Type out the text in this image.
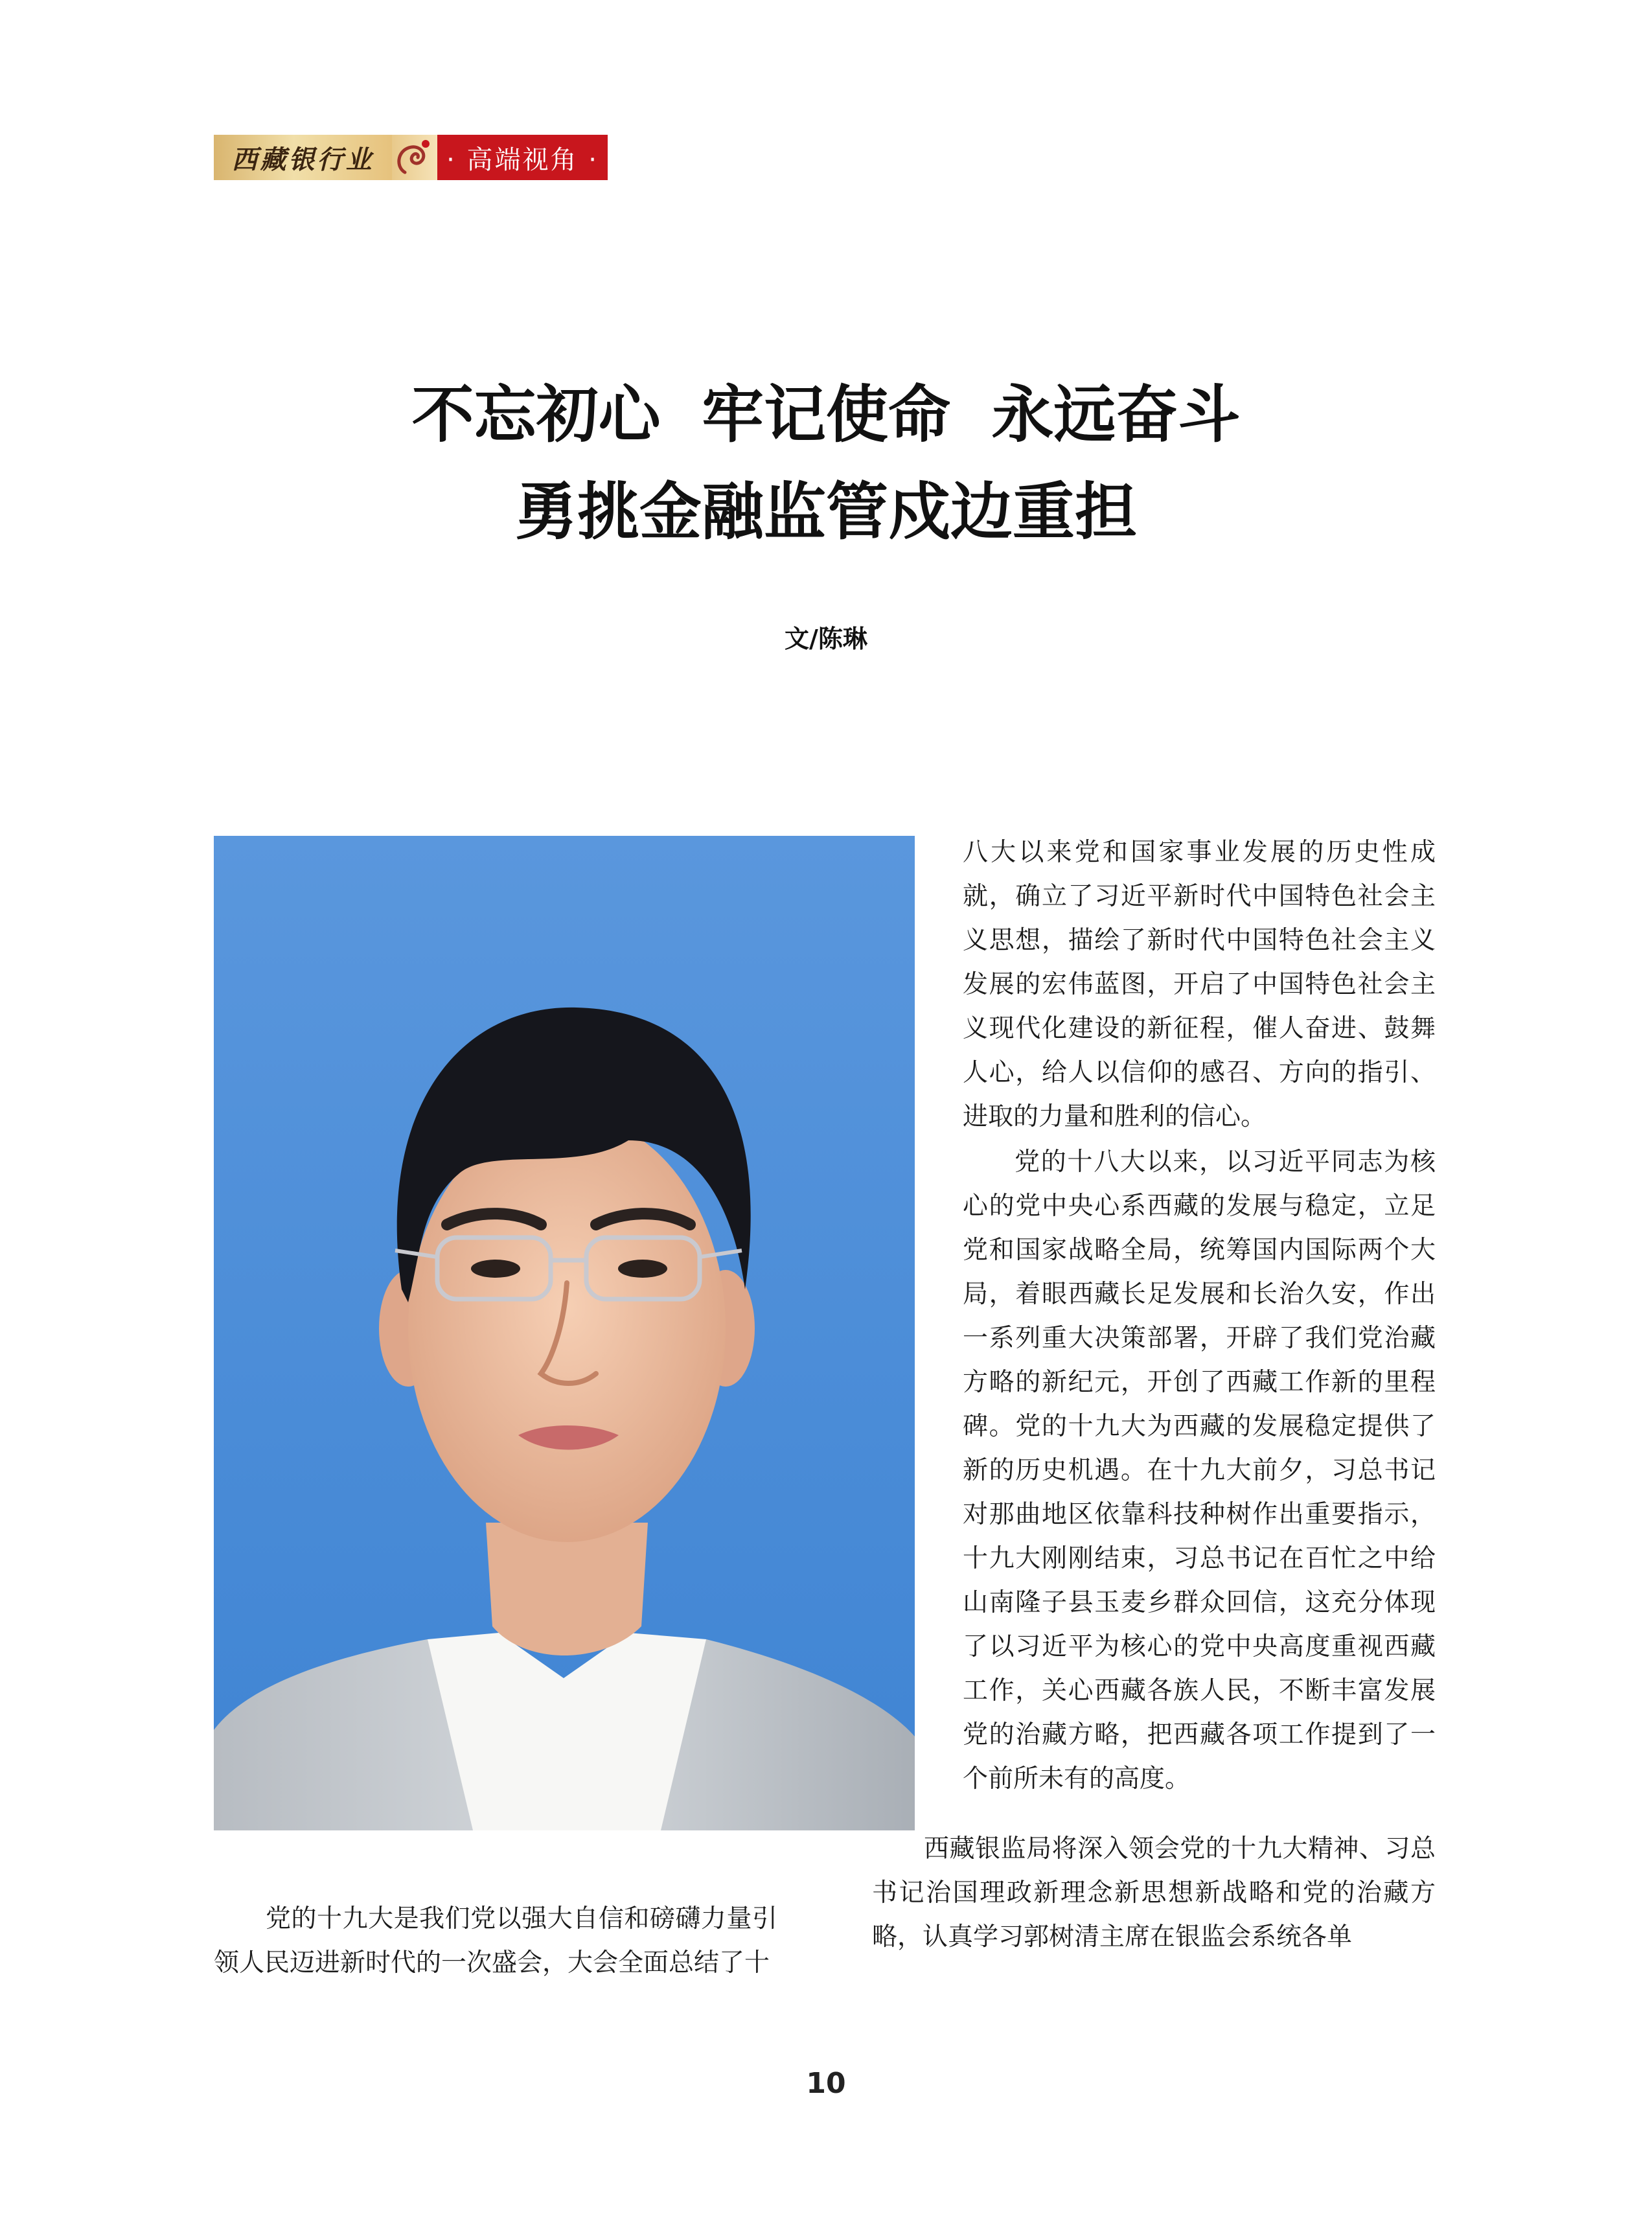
西藏银行业	· 高端视角 ·
不忘初心 牢记使命 永远奋斗
勇挑金融监管戍边重担
文/陈琳

八大以来党和国家事业发展的历史性成就，确立了习近平新时代中国特色社会主义思想，描绘了新时代中国特色社会主义发展的宏伟蓝图，开启了中国特色社会主义现代化建设的新征程，催人奋进、鼓舞人心，给人以信仰的感召、方向的指引、进取的力量和胜利的信心。

党的十八大以来，以习近平同志为核心的党中央心系西藏的发展与稳定，立足党和国家战略全局，统筹国内国际两个大局，着眼西藏长足发展和长治久安，作出一系列重大决策部署，开辟了我们党治藏方略的新纪元，开创了西藏工作新的里程碑。党的十九大为西藏的发展稳定提供了新的历史机遇。在十九大前夕，习总书记对那曲地区依靠科技种树作出重要指示，十九大刚刚结束，习总书记在百忙之中给山南隆子县玉麦乡群众回信，这充分体现了以习近平为核心的党中央高度重视西藏工作，关心西藏各族人民，不断丰富发展党的治藏方略，把西藏各项工作提到了一个前所未有的高度。

西藏银监局将深入领会党的十九大精神、习总书记治国理政新理念新思想新战略和党的治藏方略，认真学习郭树清主席在银监会系统各单

党的十九大是我们党以强大自信和磅礴力量引领人民迈进新时代的一次盛会，大会全面总结了十

10
